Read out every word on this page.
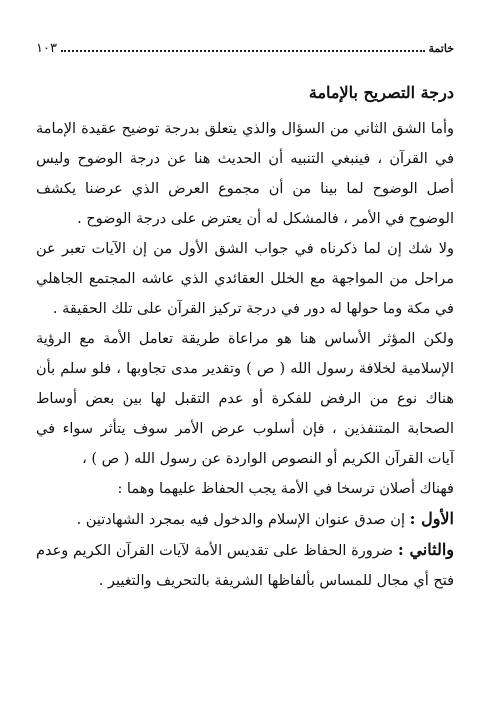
خاتمة
١٠٣
درجة التصريح بالإمامة

وأما الشق الثاني من السؤال والذي يتعلق بدرجة توضيح عقيدة الإمامة في القرآن ، فينبغي التنبيه أن الحديث هنا عن درجة الوضوح وليس أصل الوضوح لما بينا من أن مجموع العرض الذي عرضنا يكشف الوضوح في الأمر ، فالمشكل له أن يعترض على درجة الوضوح .

ولا شك إن لما ذكرناه في جواب الشق الأول من إن الآيات تعبر عن مراحل من المواجهة مع الخلل العقائدي الذي عاشه المجتمع الجاهلي في مكة وما حولها له دور في درجة تركيز القرآن على تلك الحقيقة .

ولكن المؤثر الأساس هنا هو مراعاة طريقة تعامل الأمة مع الرؤية الإسلامية لخلافة رسول الله ( ص ) وتقدير مدى تجاوبها ، فلو سلم بأن هناك نوع من الرفض للفكرة أو عدم التقبل لها بين بعض أوساط الصحابة المتنفذين ، فإن أسلوب عرض الأمر سوف يتأثر سواء في آيات القرآن الكريم أو النصوص الواردة عن رسول الله ( ص ) ،

فهناك أصلان ترسخا في الأمة يجب الحفاظ عليهما وهما :

الأول : إن صدق عنوان الإسلام والدخول فيه بمجرد الشهادتين .

والثاني : ضرورة الحفاظ على تقديس الأمة لآيات القرآن الكريم وعدم فتح أي مجال للمساس بألفاظها الشريفة بالتحريف والتغيير .
